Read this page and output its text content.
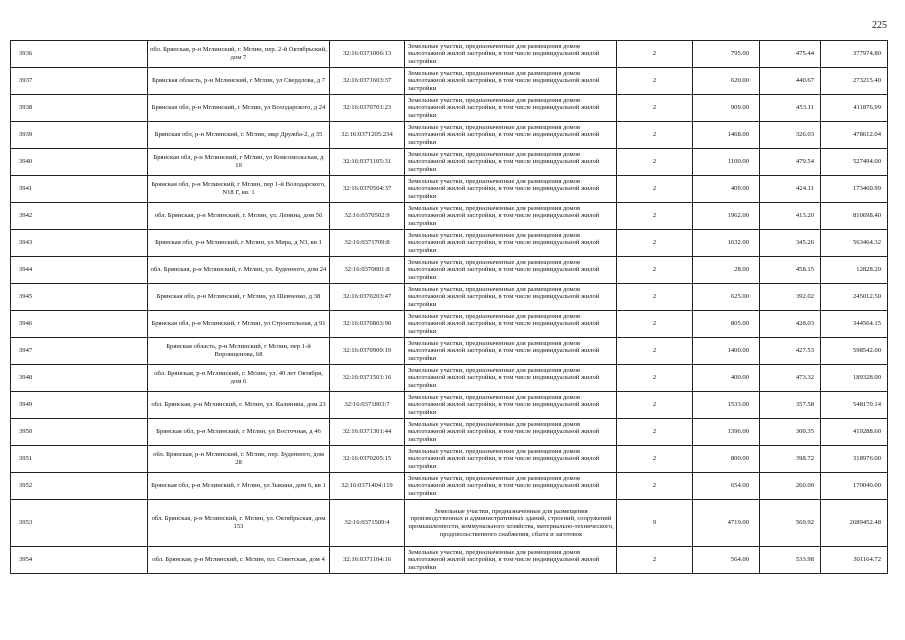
225
3936	обл. Брянская, р-н Мглинский, г. Мглин, пер. 2-й Октябрьский, дом 7	32:16:0371006:13	Земельные участки, предназначенные для размещения домов малоэтажной жилой застройки, в том числе индивидуальной жилой застройки	2	795.00	475.44	377974.80
3937	Брянская область, р-н Мглинский, г Мглин, ул Свердлова, д 7	32:16:0371603:37	Земельные участки, предназначенные для размещения домов малоэтажной жилой застройки, в том числе индивидуальной жилой застройки	2	620.00	440.67	273215.40
3938	Брянская обл, р-н Мглинский, г Мглин, ул Володарского, д 24	32:16:0370701:23	Земельные участки, предназначенные для размещения домов малоэтажной жилой застройки, в том числе индивидуальной жилой застройки	2	909.00	453.11	411876.99
3939	Брянская обл, р-н Мглинский, г. Мглин, мкр Дружба-2, д 35	32:16:0371205:234	Земельные участки, предназначенные для размещения домов малоэтажной жилой застройки, в том числе индивидуальной жилой застройки	2	1468.00	326.03	478612.04
3940	Брянская обл, р-н Мглинский, г Мглин, ул Комсомольская, д 10	32:16:0371105:31	Земельные участки, предназначенные для размещения домов малоэтажной жилой застройки, в том числе индивидуальной жилой застройки	2	1100.00	479.54	527494.00
3941	Брянская обл, р-н Мглинский, г Мглин, пер 1-й Володарского, N18 Г, кв. 1	32:16:0370504:37	Земельные участки, предназначенные для размещения домов малоэтажной жилой застройки, в том числе индивидуальной жилой застройки	2	409.00	424.11	173460.99
3942	обл. Брянская, р-н Мглинский, г. Мглин, ул. Ленина, дом 56	32:16:0370502:9	Земельные участки, предназначенные для размещения домов малоэтажной жилой застройки, в том числе индивидуальной жилой застройки	2	1962.00	413.20	810698.40
3943	Брянская обл, р-н Мглинский, г Мглин, ул Мира, д N3, кв 1	32:16:0371709:8	Земельные участки, предназначенные для размещения домов малоэтажной жилой застройки, в том числе индивидуальной жилой застройки	2	1632.00	345.26	563464.32
3944	обл. Брянская, р-н Мглинский, г. Мглин, ул. Буденного, дом 24	32:16:0370801:8	Земельные участки, предназначенные для размещения домов малоэтажной жилой застройки, в том числе индивидуальной жилой застройки	2	28.00	458.15	12828.20
3945	Брянская обл, р-н Мглинский, г Мглин, ул Шевченко, д 38	32:16:0370203:47	Земельные участки, предназначенные для размещения домов малоэтажной жилой застройки, в том числе индивидуальной жилой застройки	2	625.00	392.02	245012.50
3946	Брянская обл, р-н Мглинский, г Мглин, ул Строительная, д 91	32:16:0370803:90	Земельные участки, предназначенные для размещения домов малоэтажной жилой застройки, в том числе индивидуальной жилой застройки	2	805.00	428.03	344564.15
3947	Брянская область, р-н Мглинский, г Мглин, пер 1-й Воровщенова, 68	32:16:0370909:19	Земельные участки, предназначенные для размещения домов малоэтажной жилой застройки, в том числе индивидуальной жилой застройки	2	1400.00	427.53	598542.00
3948	обл. Брянская, р-н Мглинский, г. Мглин, ул. 40 лет Октября, дом 6	32:16:0371501:16	Земельные участки, предназначенные для размещения домов малоэтажной жилой застройки, в том числе индивидуальной жилой застройки	2	400.00	473.32	189328.00
3949	обл. Брянская, р-н Мглинский, г. Мглин, ул. Калинина, дом 23	32:16:0371803:7	Земельные участки, предназначенные для размещения домов малоэтажной жилой застройки, в том числе индивидуальной жилой застройки	2	1533.00	357.58	548170.14
3950	Брянская обл, р-н Мглинский, г Мглин, ул Восточная, д 46	32:16:0371301:44	Земельные участки, предназначенные для размещения домов малоэтажной жилой застройки, в том числе индивидуальной жилой застройки	2	1396.00	300.35	419288.60
3951	обл. Брянская, р-н Мглинский, г. Мглин, пер. Буденного, дом 28	32:16:0370205:15	Земельные участки, предназначенные для размещения домов малоэтажной жилой застройки, в том числе индивидуальной жилой застройки	2	800.00	398.72	318976.00
3952	Брянская обл, р-н Мглинский, г Мглин, ул Зыкина, дом 6, кв 1	32:16:0371404:119	Земельные участки, предназначенные для размещения домов малоэтажной жилой застройки, в том числе индивидуальной жилой застройки	2	654.00	260.00	170040.00
3953	обл. Брянская, р-н Мглинский, г. Мглин, ул. Октябрьская, дом 153	32:16:0371509:4	Земельные участки, предназначенные для размещения производственных и административных зданий, строений, сооружений промышленности, коммунального хозяйства, материально-технического, продовольственного снабжения, сбыта и заготовок	9	4719.00	569.92	2689452.48
3954	обл. Брянская, р-н Мглинский, г. Мглин, пл. Советская, дом 4	32:16:0371104:16	Земельные участки, предназначенные для размещения домов малоэтажной жилой застройки, в том числе индивидуальной жилой застройки	2	564.00	533.98	301164.72
